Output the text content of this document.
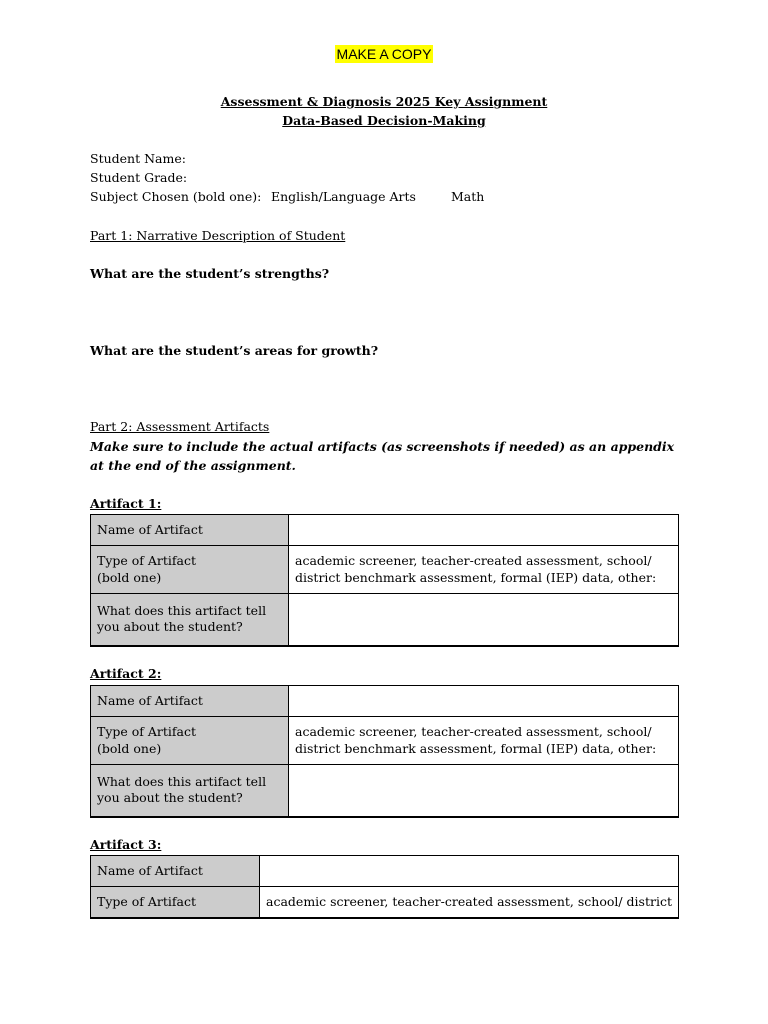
MAKE A COPY
Assessment & Diagnosis 2025 Key Assignment
Data-Based Decision-Making
Student Name:
Student Grade:
Subject Chosen (bold one): English/Language Arts	Math
Part 1: Narrative Description of Student
What are the student’s strengths?
What are the student’s areas for growth?
Part 2: Assessment Artifacts
Make sure to include the actual artifacts (as screenshots if needed) as an appendix at the end of the assignment.
Artifact 1:
Name of Artifact	
Type of Artifact
(bold one)	academic screener, teacher-created assessment, school/ district benchmark assessment, formal (IEP) data, other:
What does this artifact tell you about the student?	
Artifact 2:
Name of Artifact	
Type of Artifact
(bold one)	academic screener, teacher-created assessment, school/ district benchmark assessment, formal (IEP) data, other:
What does this artifact tell you about the student?	
Artifact 3:
Name of Artifact	
Type of Artifact	academic screener, teacher-created assessment, school/ district
